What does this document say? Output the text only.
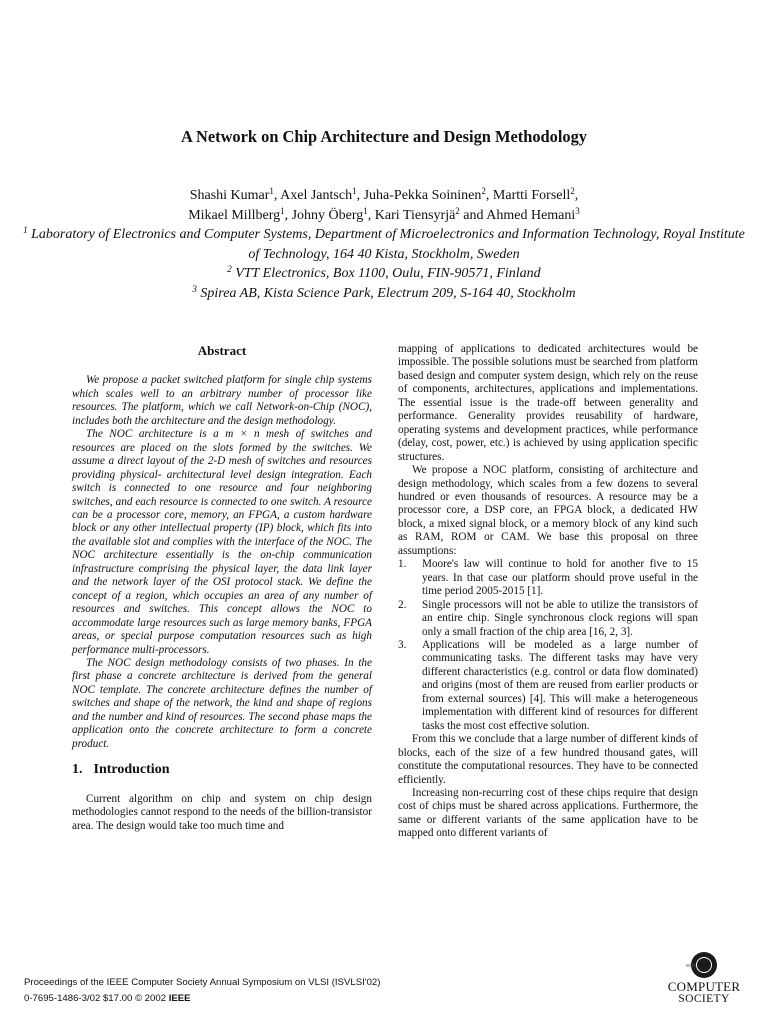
A Network on Chip Architecture and Design Methodology

Shashi Kumar$^1$, Axel Jantsch$^1$, Juha-Pekka Soininen$^2$, Martti Forsell$^2$,

Mikael Millberg$^1$, Johny Öberg$^1$, Kari Tiensyrjä$^2$ and Ahmed Hemani$^3$

$^1$ Laboratory of Electronics and Computer Systems, Department of Microelectronics and Information Technology, Royal Institute of Technology, 164 40 Kista, Stockholm, Sweden

$^2$ VTT Electronics, Box 1100, Oulu, FIN-90571, Finland

$^3$ Spirea AB, Kista Science Park, Electrum 209, S-164 40, Stockholm

Abstract

We propose a packet switched platform for single chip systems which scales well to an arbitrary number of processor like resources. The platform, which we call Network-on-Chip (NOC), includes both the architecture and the design methodology.

The NOC architecture is a m × n mesh of switches and resources are placed on the slots formed by the switches. We assume a direct layout of the 2-D mesh of switches and resources providing physical- architectural level design integration. Each switch is connected to one resource and four neighboring switches, and each resource is connected to one switch. A resource can be a processor core, memory, an FPGA, a custom hardware block or any other intellectual property (IP) block, which fits into the available slot and complies with the interface of the NOC. The NOC architecture essentially is the on-chip communication infrastructure comprising the physical layer, the data link layer and the network layer of the OSI protocol stack. We define the concept of a region, which occupies an area of any number of resources and switches. This concept allows the NOC to accommodate large resources such as large memory banks, FPGA areas, or special purpose computation resources such as high performance multi-processors.

The NOC design methodology consists of two phases. In the first phase a concrete architecture is derived from the general NOC template. The concrete architecture defines the number of switches and shape of the network, the kind and shape of regions and the number and kind of resources. The second phase maps the application onto the concrete architecture to form a concrete product.

1. Introduction

Current algorithm on chip and system on chip design methodologies cannot respond to the needs of the billion-transistor area. The design would take too much time and

mapping of applications to dedicated architectures would be impossible. The possible solutions must be searched from platform based design and computer system design, which rely on the reuse of components, architectures, applications and implementations. The essential issue is the trade-off between generality and performance. Generality provides reusability of hardware, operating systems and development practices, while performance (delay, cost, power, etc.) is achieved by using application specific structures.

We propose a NOC platform, consisting of architecture and design methodology, which scales from a few dozens to several hundred or even thousands of resources. A resource may be a processor core, a DSP core, an FPGA block, a dedicated HW block, a mixed signal block, or a memory block of any kind such as RAM, ROM or CAM. We base this proposal on three assumptions:

1. Moore's law will continue to hold for another five to 15 years. In that case our platform should prove useful in the time period 2005-2015 [1].
2. Single processors will not be able to utilize the transistors of an entire chip. Single synchronous clock regions will span only a small fraction of the chip area [16, 2, 3].
3. Applications will be modeled as a large number of communicating tasks. The different tasks may have very different characteristics (e.g. control or data flow dominated) and origins (most of them are reused from earlier products or from external sources) [4]. This will make a heterogeneous implementation with different kind of resources for different tasks the most cost effective solution.

From this we conclude that a large number of different kinds of blocks, each of the size of a few hundred thousand gates, will constitute the computational resources. They have to be connected efficiently.

Increasing non-recurring cost of these chips require that design cost of chips must be shared across applications. Furthermore, the same or different variants of the same application have to be mapped onto different variants of

Proceedings of the IEEE Computer Society Annual Symposium on VLSI (ISVLSI'02)

0-7695-1486-3/02 $17.00 © 2002 IEEE

IEEE
COMPUTER
SOCIETY
